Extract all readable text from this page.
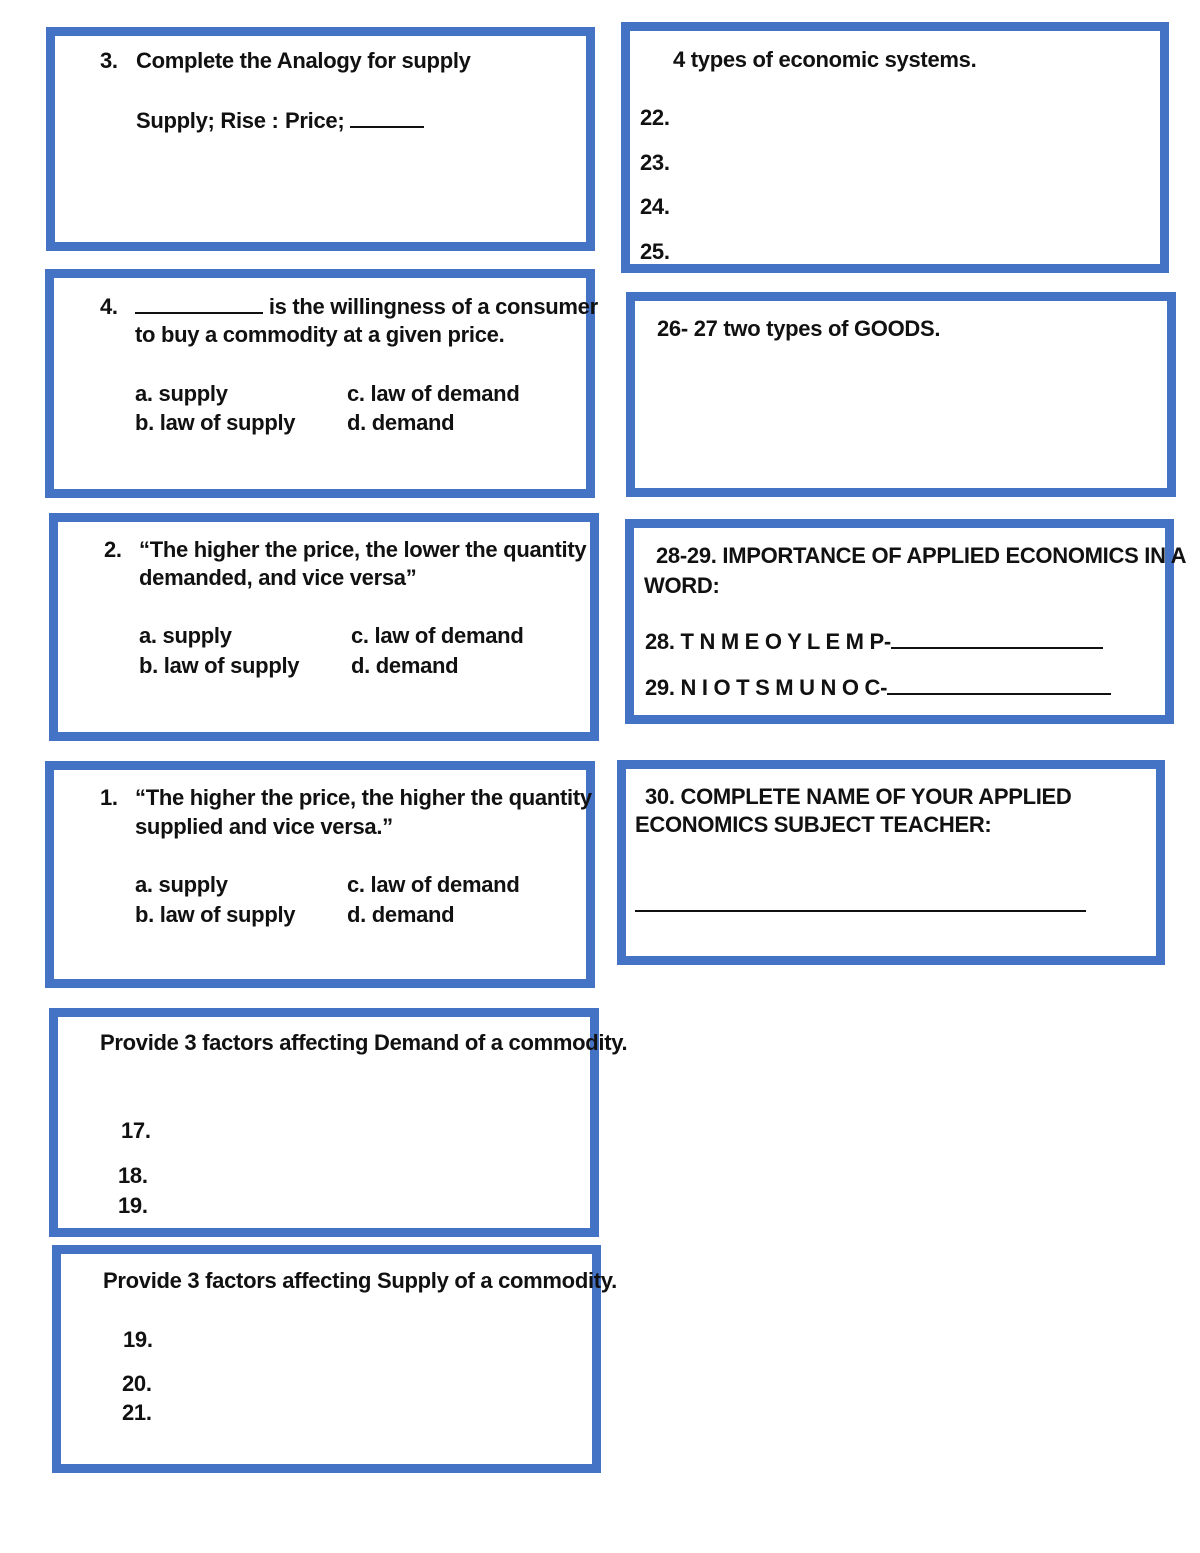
3. Complete the Analogy for supply
Supply; Rise : Price;
4.	is the willingness of a consumer
to buy a commodity at a given price.
a. supply
b. law of supply
c. law of demand
d. demand
2. “The higher the price, the lower the quantity
demanded, and vice versa”
a. supply
b. law of supply
c. law of demand
d. demand
1. “The higher the price, the higher the quantity
supplied and vice versa.”
a. supply
b. law of supply
c. law of demand
d. demand
Provide 3 factors affecting Demand of a commodity.
17.
18.
19.
Provide 3 factors affecting Supply of a commodity.
19.
20.
21.
4 types of economic systems.
22.
23.
24.
25.
26- 27 two types of GOODS.
28-29. IMPORTANCE OF APPLIED ECONOMICS IN A
WORD:
28. T N M E O Y L E M P-
29. N I O T S M U N O C-
30. COMPLETE NAME OF YOUR APPLIED
ECONOMICS SUBJECT TEACHER:
